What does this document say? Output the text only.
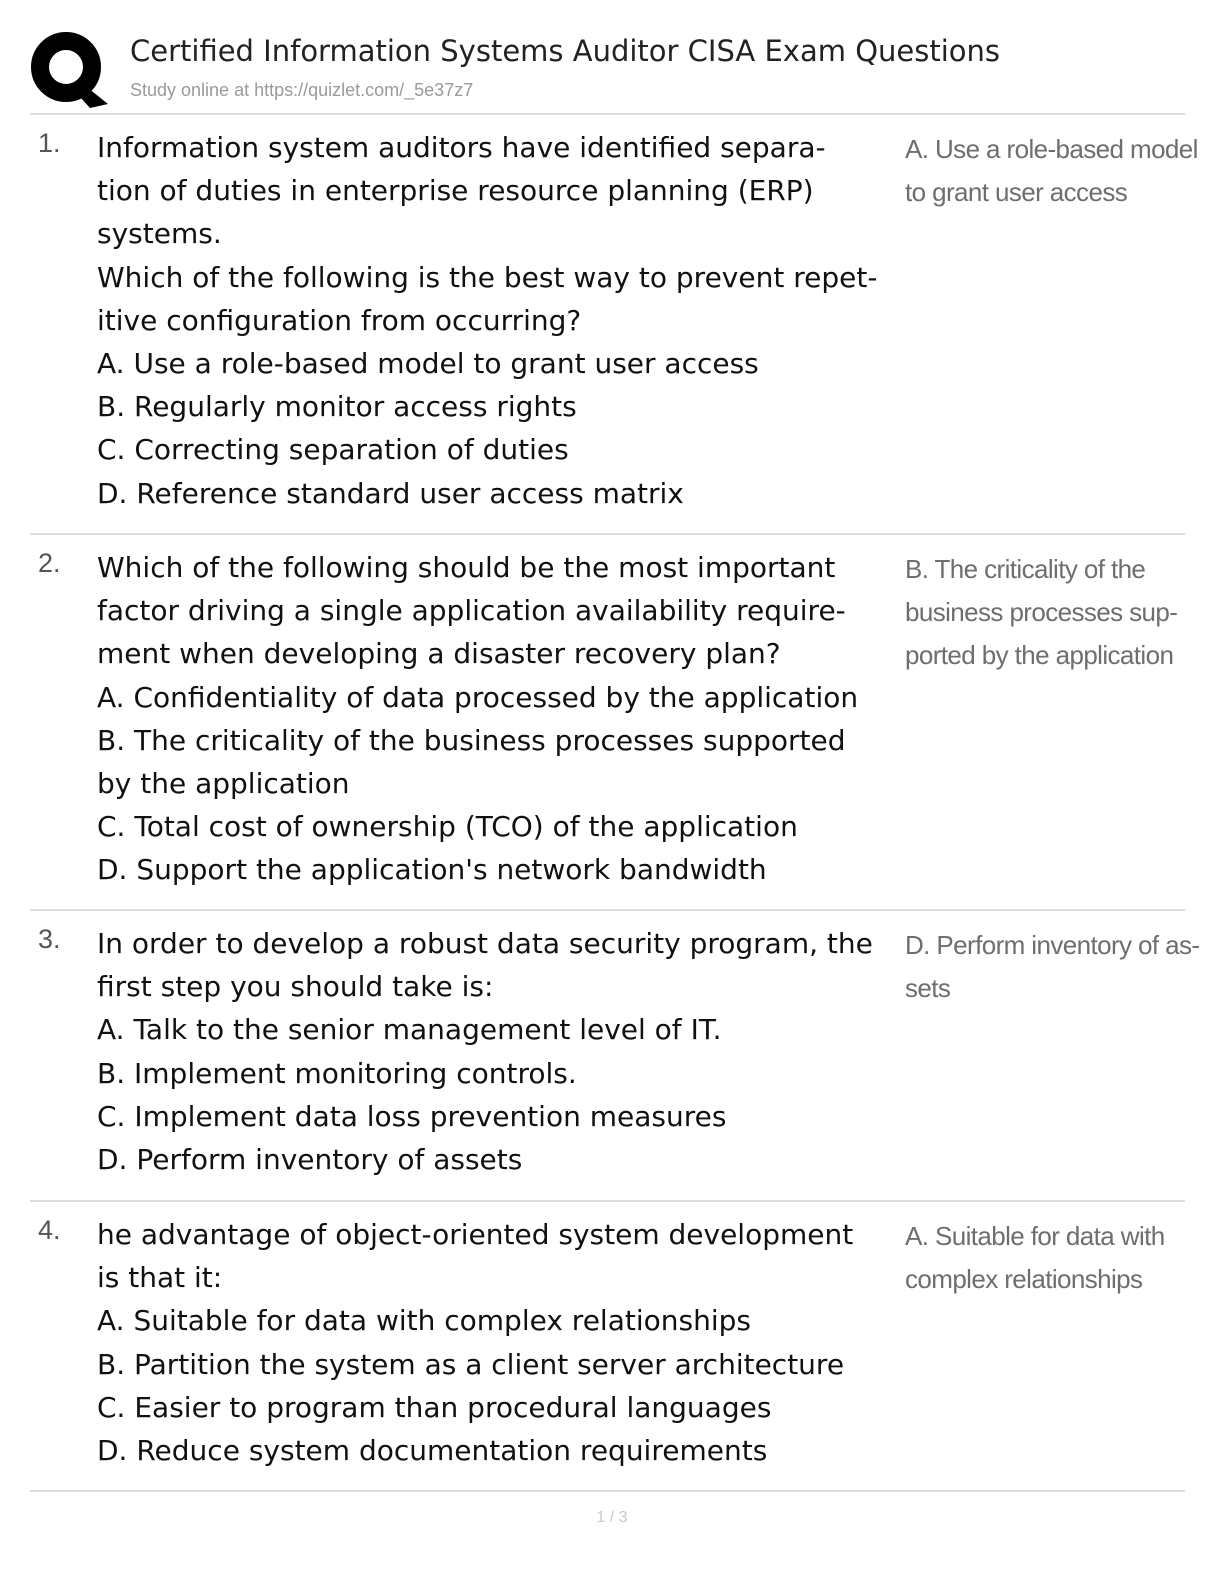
Certified Information Systems Auditor CISA Exam Questions
Study online at https://quizlet.com/_5e37z7
1. Information system auditors have identified separa-
tion of duties in enterprise resource planning (ERP)
systems.
Which of the following is the best way to prevent repet-
itive configuration from occurring?
A. Use a role-based model to grant user access
B. Regularly monitor access rights
C. Correcting separation of duties
D. Reference standard user access matrix
A. Use a role-based model
to grant user access
2. Which of the following should be the most important
factor driving a single application availability require-
ment when developing a disaster recovery plan?
A. Confidentiality of data processed by the application
B. The criticality of the business processes supported
by the application
C. Total cost of ownership (TCO) of the application
D. Support the application's network bandwidth
B. The criticality of the
business processes sup-
ported by the application
3. In order to develop a robust data security program, the
first step you should take is:
A. Talk to the senior management level of IT.
B. Implement monitoring controls.
C. Implement data loss prevention measures
D. Perform inventory of assets
D. Perform inventory of as-
sets
4. he advantage of object-oriented system development
is that it:
A. Suitable for data with complex relationships
B. Partition the system as a client server architecture
C. Easier to program than procedural languages
D. Reduce system documentation requirements
A. Suitable for data with
complex relationships
1 / 3
